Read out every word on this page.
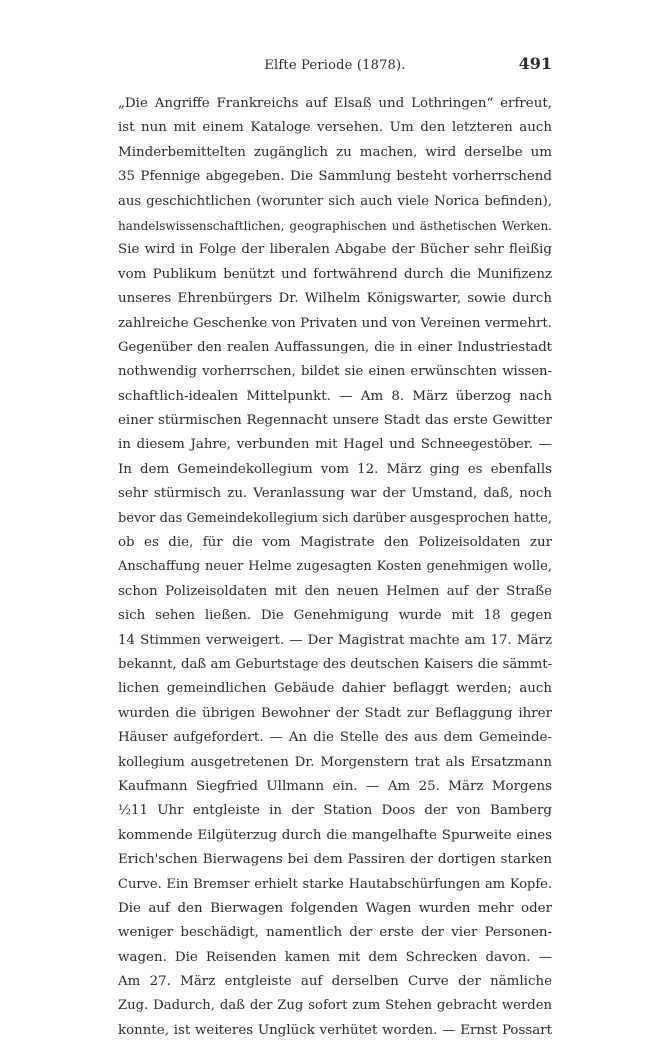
Elfte Periode (1878).	491
„Die Angriffe Frankreichs auf Elsaß und Lothringen“ erfreut,
ist nun mit einem Kataloge versehen. Um den letzteren auch
Minderbemittelten zugänglich zu machen, wird derselbe um
35 Pfennige abgegeben. Die Sammlung besteht vorherrschend
aus geschichtlichen (worunter sich auch viele Norica befinden),
handelswissenschaftlichen, geographischen und ästhetischen Werken.
Sie wird in Folge der liberalen Abgabe der Bücher sehr fleißig
vom Publikum benützt und fortwährend durch die Munifizenz
unseres Ehrenbürgers Dr. Wilhelm Königswarter, sowie durch
zahlreiche Geschenke von Privaten und von Vereinen vermehrt.
Gegenüber den realen Auffassungen, die in einer Industriestadt
nothwendig vorherrschen, bildet sie einen erwünschten wissen-
schaftlich-idealen Mittelpunkt. — Am 8. März überzog nach
einer stürmischen Regennacht unsere Stadt das erste Gewitter
in diesem Jahre, verbunden mit Hagel und Schneegestöber. —
In dem Gemeindekollegium vom 12. März ging es ebenfalls
sehr stürmisch zu. Veranlassung war der Umstand, daß, noch
bevor das Gemeindekollegium sich darüber ausgesprochen hatte,
ob es die, für die vom Magistrate den Polizeisoldaten zur
Anschaffung neuer Helme zugesagten Kosten genehmigen wolle,
schon Polizeisoldaten mit den neuen Helmen auf der Straße
sich sehen ließen. Die Genehmigung wurde mit 18 gegen
14 Stimmen verweigert. — Der Magistrat machte am 17. März
bekannt, daß am Geburtstage des deutschen Kaisers die sämmt-
lichen gemeindlichen Gebäude dahier beflaggt werden; auch
wurden die übrigen Bewohner der Stadt zur Beflaggung ihrer
Häuser aufgefordert. — An die Stelle des aus dem Gemeinde-
kollegium ausgetretenen Dr. Morgenstern trat als Ersatzmann
Kaufmann Siegfried Ullmann ein. — Am 25. März Morgens
½11 Uhr entgleiste in der Station Doos der von Bamberg
kommende Eilgüterzug durch die mangelhafte Spurweite eines
Erich'schen Bierwagens bei dem Passiren der dortigen starken
Curve. Ein Bremser erhielt starke Hautabschürfungen am Kopfe.
Die auf den Bierwagen folgenden Wagen wurden mehr oder
weniger beschädigt, namentlich der erste der vier Personen-
wagen. Die Reisenden kamen mit dem Schrecken davon. —
Am 27. März entgleiste auf derselben Curve der nämliche
Zug. Dadurch, daß der Zug sofort zum Stehen gebracht werden
konnte, ist weiteres Unglück verhütet worden. — Ernst Possart
